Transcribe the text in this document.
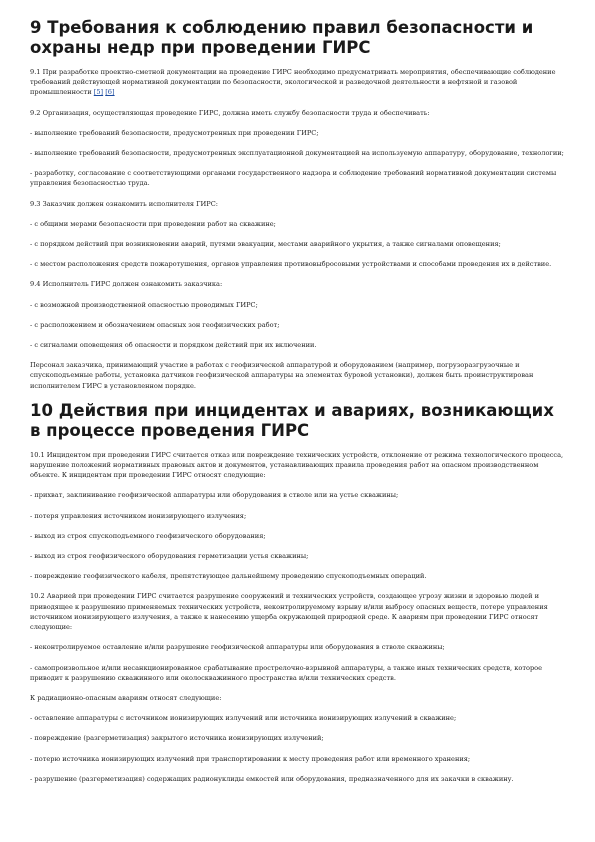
9 Требования к соблюдению правил безопасности и охраны недр при проведении ГИРС

9.1 При разработке проектно-сметной документации на проведение ГИРС необходимо предусматривать мероприятия, обеспечивающие соблюдение требований действующей нормативной документации по безопасности, экологической и разведочной деятельности в нефтяной и газовой промышленности [5] [6]

9.2 Организация, осуществляющая проведение ГИРС, должна иметь службу безопасности труда и обеспечивать:

- выполнение требований безопасности, предусмотренных при проведении ГИРС;

- выполнение требований безопасности, предусмотренных эксплуатационной документацией на используемую аппаратуру, оборудование, технологии;

- разработку, согласование с соответствующими органами государственного надзора и соблюдение требований нормативной документации системы управления безопасностью труда.

9.3 Заказчик должен ознакомить исполнителя ГИРС:

- с общими мерами безопасности при проведении работ на скважине;

- с порядком действий при возникновении аварий, путями эвакуации, местами аварийного укрытия, а также сигналами оповещения;

- с местом расположения средств пожаротушения, органов управления противовыбросовыми устройствами и способами проведения их в действие.

9.4 Исполнитель ГИРС должен ознакомить заказчика:

- с возможной производственной опасностью проводимых ГИРС;

- с расположением и обозначением опасных зон геофизических работ;

- с сигналами оповещения об опасности и порядком действий при их включении.

Персонал заказчика, принимающий участие в работах с геофизической аппаратурой и оборудованием (например, погрузоразгрузочные и спускоподъемные работы, установка датчиков геофизической аппаратуры на элементах буровой установки), должен быть проинструктирован исполнителем ГИРС в установленном порядке.

10 Действия при инцидентах и авариях, возникающих в процессе проведения ГИРС

10.1 Инцидентом при проведении ГИРС считается отказ или повреждение технических устройств, отклонение от режима технологического процесса, нарушение положений нормативных правовых актов и документов, устанавливающих правила проведения работ на опасном производственном объекте. К инцидентам при проведении ГИРС относят следующие:

- прихват, заклинивание геофизической аппаратуры или оборудования в стволе или на устье скважины;

- потеря управления источником ионизирующего излучения;

- выход из строя спускоподъемного геофизического оборудования;

- выход из строя геофизического оборудования герметизации устья скважины;

- повреждение геофизического кабеля, препятствующее дальнейшему проведению спускоподъемных операций.

10.2 Аварией при проведении ГИРС считается разрушение сооружений и технических устройств, создающее угрозу жизни и здоровью людей и приводящее к разрушению применяемых технических устройств, неконтролируемому взрыву и/или выбросу опасных веществ, потере управления источником ионизирующего излучения, а также к нанесению ущерба окружающей природной среде. К авариям при проведении ГИРС относят следующие:

- неконтролируемое оставление и/или разрушение геофизической аппаратуры или оборудования в стволе скважины;

- самопроизвольное и/или несанкционированное срабатывание прострелочно-взрывной аппаратуры, а также иных технических средств, которое приводит к разрушению скважинного или околоскважинного пространства и/или технических средств.

К радиационно-опасным авариям относят следующие:

- оставление аппаратуры с источником ионизирующих излучений или источника ионизирующих излучений в скважине;

- повреждение (разгерметизация) закрытого источника ионизирующих излучений;

- потерю источника ионизирующих излучений при транспортировании к месту проведения работ или временного хранения;

- разрушение (разгерметизация) содержащих радионуклиды емкостей или оборудования, предназначенного для их закачки в скважину.
